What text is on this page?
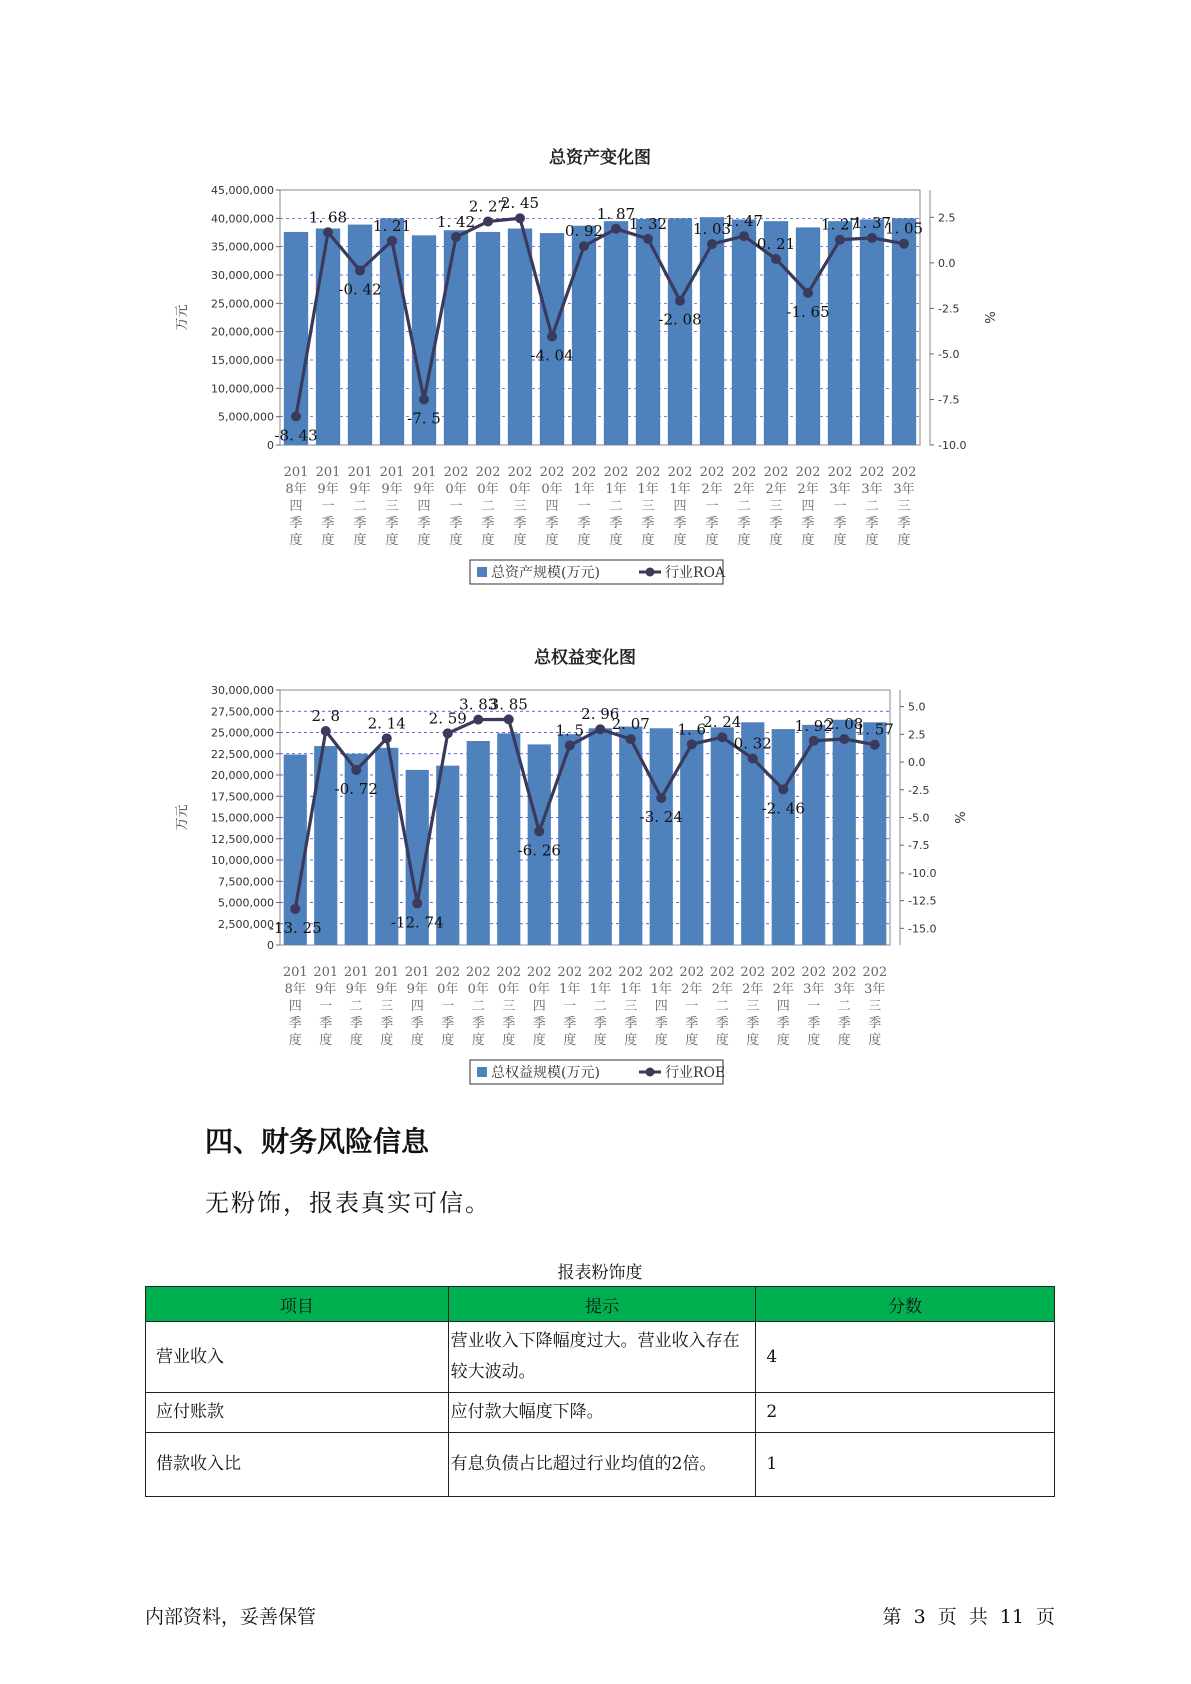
总资产变化图
45,000,000
40,000,000
35,000,000
30,000,000
25,000,000
20,000,000
15,000,000
10,000,000
5,000,000
0
万元
2.5
0.0
-2.5
-5.0
-7.5
-10.0
%
-8. 43
1. 68
-0. 42
1. 21
-7. 5
1. 42
2. 27
2. 45
-4. 04
0. 92
1. 87
1. 32
-2. 08
1. 03
1. 47
0. 21
-1. 65
1. 27
1. 37
1. 05
201
8年
四
季
度
201
9年
一
季
度
201
9年
二
季
度
201
9年
三
季
度
201
9年
四
季
度
202
0年
一
季
度
202
0年
二
季
度
202
0年
三
季
度
202
0年
四
季
度
202
1年
一
季
度
202
1年
二
季
度
202
1年
三
季
度
202
1年
四
季
度
202
2年
一
季
度
202
2年
二
季
度
202
2年
三
季
度
202
2年
四
季
度
202
3年
一
季
度
202
3年
二
季
度
202
3年
三
季
度
总资产规模(万元)	行业ROA
总权益变化图
30,000,000
27,500,000
25,000,000
22,500,000
20,000,000
17,500,000
15,000,000
12,500,000
10,000,000
7,500,000
5,000,000
2,500,000
0
万元
5.0
2.5
0.0
-2.5
-5.0
-7.5
-10.0
-12.5
-15.0
%
-13. 25
2. 8
-0. 72
2. 14
-12. 74
2. 59
3. 83
3. 85
-6. 26
1. 5
2. 96
2. 07
-3. 24
1. 6
2. 24
0. 32
-2. 46
1. 92
2. 08
1. 57
201
8年
四
季
度
201
9年
一
季
度
201
9年
二
季
度
201
9年
三
季
度
201
9年
四
季
度
202
0年
一
季
度
202
0年
二
季
度
202
0年
三
季
度
202
0年
四
季
度
202
1年
一
季
度
202
1年
二
季
度
202
1年
三
季
度
202
1年
四
季
度
202
2年
一
季
度
202
2年
二
季
度
202
2年
三
季
度
202
2年
四
季
度
202
3年
一
季
度
202
3年
二
季
度
202
3年
三
季
度
总权益规模(万元)	行业ROE
四、财务风险信息

无粉饰，报表真实可信。

报表粉饰度
项目	提示	分数
营业收入	营业收入下降幅度过大。营业收入存在较大波动。	4
应付账款	应付款大幅度下降。	2
借款收入比	有息负债占比超过行业均值的2倍。	1
内部资料，妥善保管	第 3 页 共 11 页
